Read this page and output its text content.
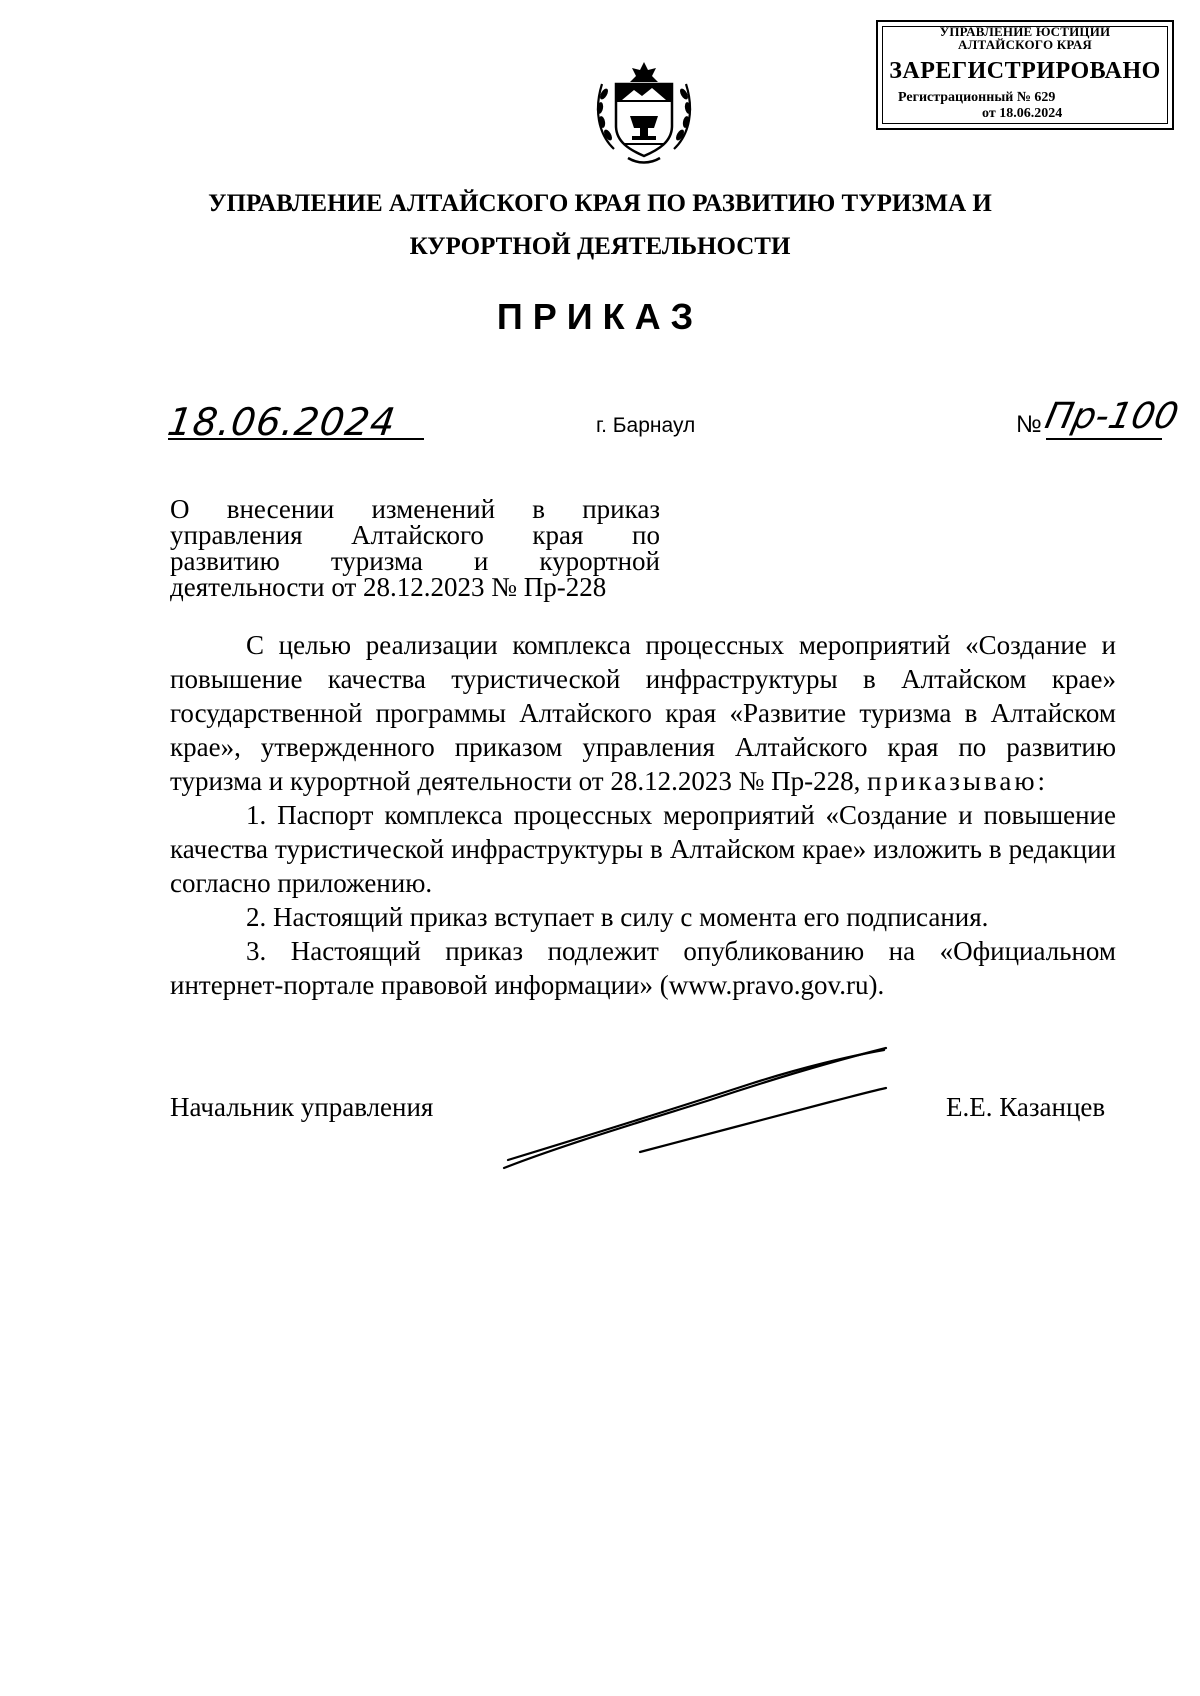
УПРАВЛЕНИЕ ЮСТИЦИИ
АЛТАЙСКОГО КРАЯ
ЗАРЕГИСТРИРОВАНО
Регистрационный № 629
от 18.06.2024
УПРАВЛЕНИЕ АЛТАЙСКОГО КРАЯ ПО РАЗВИТИЮ ТУРИЗМА И
КУРОРТНОЙ ДЕЯТЕЛЬНОСТИ
ПРИКАЗ
18.06.2024	г. Барнаул	№ Пр-100
О внесении изменений в приказ
управления Алтайского края по
развитию туризма и курортной
деятельности от 28.12.2023 № Пр-228

С целью реализации комплекса процессных мероприятий «Создание и повышение качества туристической инфраструктуры в Алтайском крае» государственной программы Алтайского края «Развитие туризма в Алтайском крае», утвержденного приказом управления Алтайского края по развитию туризма и курортной деятельности от 28.12.2023 № Пр-228, приказываю:

1. Паспорт комплекса процессных мероприятий «Создание и повышение качества туристической инфраструктуры в Алтайском крае» изложить в редакции согласно приложению.

2. Настоящий приказ вступает в силу с момента его подписания.

3. Настоящий приказ подлежит опубликованию на «Официальном интернет-портале правовой информации» (www.pravo.gov.ru).

Начальник управления	Е.Е. Казанцев
